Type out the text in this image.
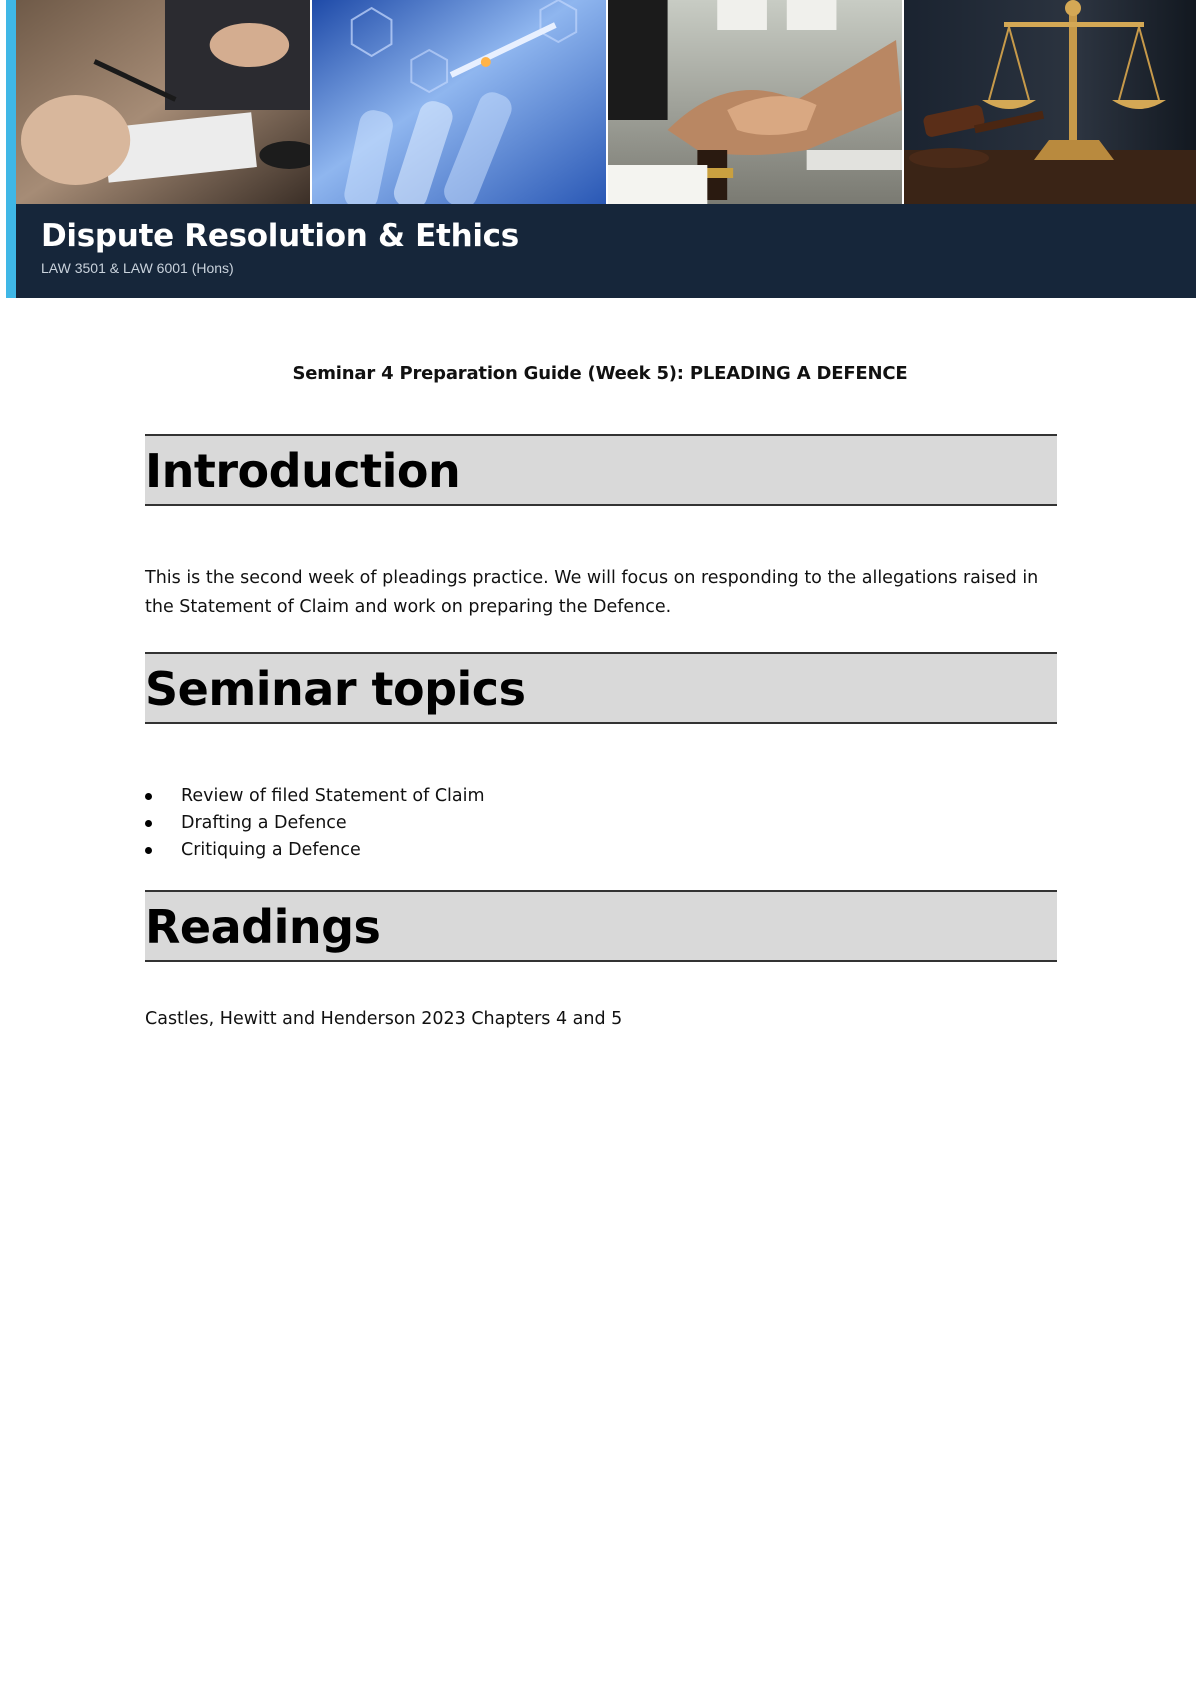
Dispute Resolution & Ethics
LAW 3501 & LAW 6001 (Hons)
Seminar 4 Preparation Guide (Week 5): PLEADING A DEFENCE
Introduction

This is the second week of pleadings practice. We will focus on responding to the allegations raised in the Statement of Claim and work on preparing the Defence.

Seminar topics
Review of filed Statement of Claim
Drafting a Defence
Critiquing a Defence
Readings

Castles, Hewitt and Henderson 2023 Chapters 4 and 5
